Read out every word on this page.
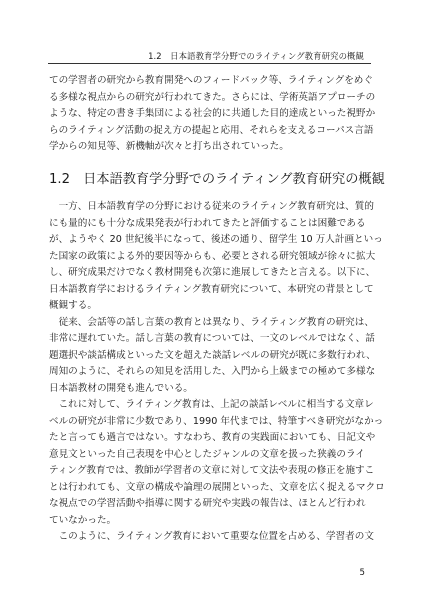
1.2　日本語教育学分野でのライティング教育研究の概観

ての学習者の研究から教育開発へのフィードバック等、ライティングをめぐ

る多様な視点からの研究が行われてきた。さらには、学術英語アプローチの

ような、特定の書き手集団による社会的に共通した目的達成といった視野か

らのライティング活動の捉え方の提起と応用、それらを支えるコーパス言語

学からの知見等、新機軸が次々と打ち出されていった。

1.2　日本語教育学分野でのライティング教育研究の概観

一方、日本語教育学の分野における従来のライティング教育研究は、質的

にも量的にも十分な成果発表が行われてきたと評価することは困難である

が、ようやく 20 世紀後半になって、後述の通り、留学生 10 万人計画といっ

た国家の政策による外的要因等からも、必要とされる研究領域が徐々に拡大

し、研究成果だけでなく教材開発も次第に進展してきたと言える。以下に、

日本語教育学におけるライティング教育研究について、本研究の背景として

概観する。

従来、会話等の話し言葉の教育とは異なり、ライティング教育の研究は、

非常に遅れていた。話し言葉の教育については、一文のレベルではなく、話

題選択や談話構成といった文を超えた談話レベルの研究が既に多数行われ、

周知のように、それらの知見を活用した、入門から上級までの極めて多様な

日本語教材の開発も進んでいる。

これに対して、ライティング教育は、上記の談話レベルに相当する文章レ

ベルの研究が非常に少数であり、1990 年代までは、特筆すべき研究がなかっ

たと言っても過言ではない。すなわち、教育の実践面においても、日記文や

意見文といった自己表現を中心としたジャンルの文章を扱った狭義のライ

ティング教育では、教師が学習者の文章に対して文法や表現の修正を施すこ

とは行われても、文章の構成や論理の展開といった、文章を広く捉えるマクロ

な視点での学習活動や指導に関する研究や実践の報告は、ほとんど行われ

ていなかった。

このように、ライティング教育において重要な位置を占める、学習者の文

5
